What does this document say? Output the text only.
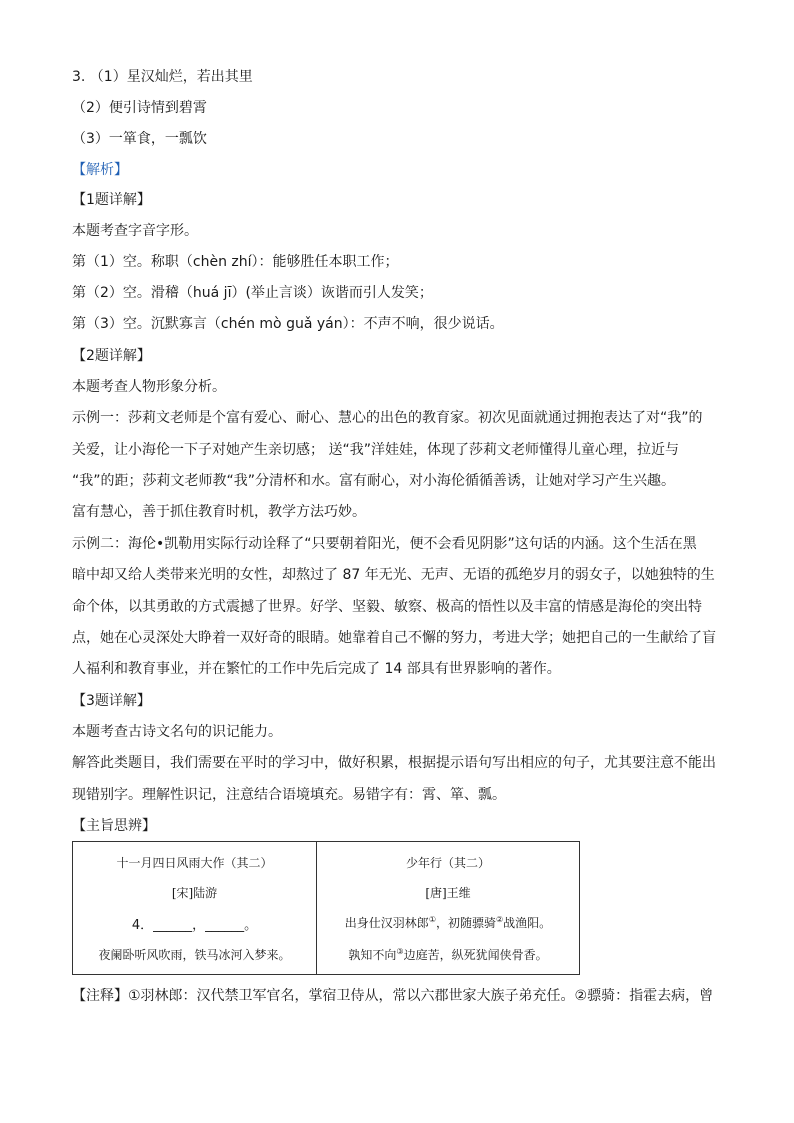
3. （1）星汉灿烂，若出其里
（2）便引诗情到碧霄
（3）一箪食，一瓢饮
【解析】
【1题详解】
本题考查字音字形。
第（1）空。称职（chèn zhí）：能够胜任本职工作；
第（2）空。滑稽（huá jī）(举止言谈）诙谐而引人发笑；
第（3）空。沉默寡言（chén mò guǎ yán）：不声不响，很少说话。
【2题详解】
本题考查人物形象分析。
示例一：莎莉文老师是个富有爱心、耐心、慧心的出色的教育家。初次见面就通过拥抱表达了对“我”的
关爱，让小海伦一下子对她产生亲切感； 送“我”洋娃娃，体现了莎莉文老师懂得儿童心理，拉近与
“我”的距；莎莉文老师教“我”分清杯和水。富有耐心，对小海伦循循善诱，让她对学习产生兴趣。
富有慧心，善于抓住教育时机，教学方法巧妙。
示例二：海伦•凯勒用实际行动诠释了“只要朝着阳光，便不会看见阴影”这句话的内涵。这个生活在黑
暗中却又给人类带来光明的女性，却熬过了 87 年无光、无声、无语的孤绝岁月的弱女子，以她独特的生
命个体，以其勇敢的方式震撼了世界。好学、坚毅、敏察、极高的悟性以及丰富的情感是海伦的突出特
点，她在心灵深处大睁着一双好奇的眼睛。她靠着自己不懈的努力，考进大学；她把自己的一生献给了盲
人福利和教育事业，并在繁忙的工作中先后完成了 14 部具有世界影响的著作。
【3题详解】
本题考查古诗文名句的识记能力。
解答此类题目，我们需要在平时的学习中，做好积累，根据提示语句写出相应的句子，尤其要注意不能出
现错别字。理解性识记，注意结合语境填充。易错字有：霄、箪、瓢。
【主旨思辨】
十一月四日风雨大作（其二）
[宋]陆游
4．______，______。
夜阑卧听风吹雨，铁马冰河入梦来。
少年行（其二）
[唐]王维
出身仕汉羽林郎①，初随骠骑②战渔阳。
孰知不向③边庭苦，纵死犹闻侠骨香。
【注释】①羽林郎：汉代禁卫军官名，掌宿卫侍从，常以六郡世家大族子弟充任。②骠骑：指霍去病，曾
